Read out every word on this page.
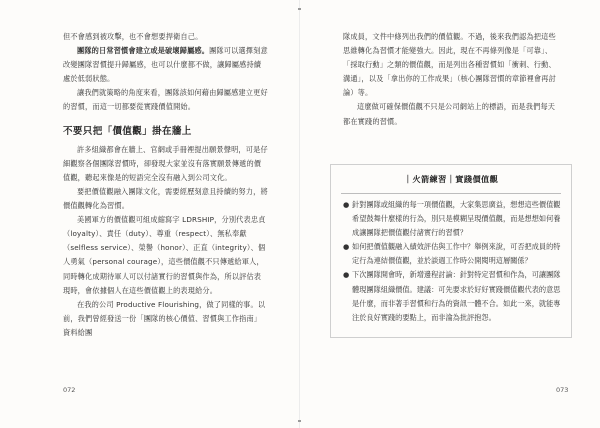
但不會感到被攻擊，也不會想要捍衛自己。

團隊的日常習慣會建立或是破壞歸屬感。團隊可以選擇刻意改變團隊習慣提升歸屬感，也可以什麼都不做，讓歸屬感持續處於低弱狀態。

讓我們就策略的角度來看，團隊該如何藉由歸屬感建立更好的習慣，而這一切都要從實踐價值開始。

不要只把「價值觀」掛在牆上

許多組織都會在牆上、官網或手冊裡提出願景聲明，可是仔細觀察各個團隊習慣時，卻發現大家並沒有落實願景傳遞的價值觀，聽起來像是的短語完全沒有融入到公司文化。

要把價值觀融入團隊文化，需要經歷刻意且持續的努力，將價值觀轉化為習慣。

美國軍方的價值觀可組成縮寫字 LDRSHIP，分別代表忠貞（loyalty）、責任（duty）、尊重（respect）、無私奉獻（selfless service）、榮譽（honor）、正直（integrity）、個人勇氣（personal courage），這些價值觀不只傳遞給軍人，同時轉化成期待軍人可以付諸實行的習慣與作為，所以評估表現時，會依據個人在這些價值觀上的表現給分。

在我的公司 Productive Flourishing，做了同樣的事。以前，我們曾經發送一份「團隊的核心價值、習慣與工作指南」資料給團

072

隊成員，文件中條列出我們的價值觀。不過，後來我們認為把這些思維轉化為習慣才能變強大。因此，現在不再條列像是「可靠」、「採取行動」之類的價值觀，而是列出各種習慣如「衝刺、行動、溝通」，以及「拿出你的工作成果」（核心團隊習慣的章節裡會再討論）等。

這麼做可確保價值觀不只是公司網站上的標語，而是我們每天都在實踐的習慣。

｜火箭練習｜實踐價值觀
● 針對團隊或組織的每一項價值觀，大家集思廣益，想想這些價值觀希望鼓舞什麼樣的行為，別只是模糊呈現價值觀，而是想想如何養成讓團隊把價值觀付諸實行的習慣？
● 如何把價值觀融入績效評估與工作中？舉例來說，可否把成員的特定行為連結價值觀，並於談週工作時公開閱明這層關係？
● 下次團隊開會時，新增邊程討論：針對特定習慣和作為，可讓團隊體現團隊組織價值。建議：可先要求於好好實踐價值觀代表的意思是什麼，而非著手習慣和行為的資訊一體不合。如此一來，就能專注於良好實踐的要點上，而非淪為批評抱怨。
073
